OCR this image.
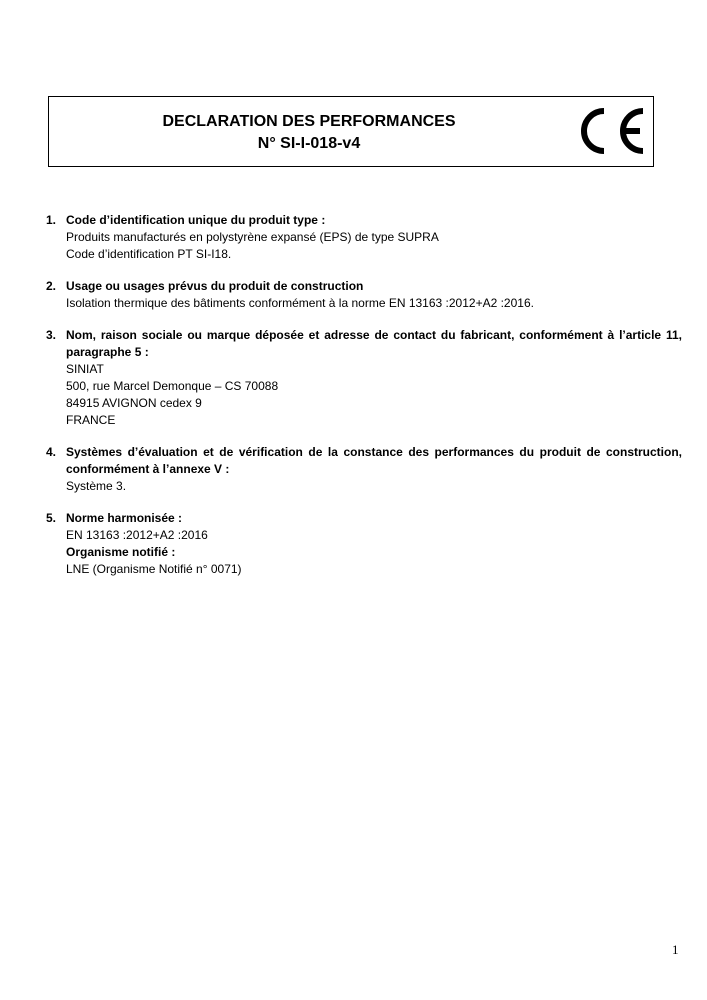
DECLARATION DES PERFORMANCES
N° SI-I-018-v4
1. Code d’identification unique du produit type :
Produits manufacturés en polystyrène expansé (EPS) de type SUPRA
Code d’identification PT SI-I18.
2. Usage ou usages prévus du produit de construction
Isolation thermique des bâtiments conformément à la norme EN 13163 :2012+A2 :2016.
3. Nom, raison sociale ou marque déposée et adresse de contact du fabricant, conformément à l’article 11, paragraphe 5 :
SINIAT
500, rue Marcel Demonque – CS 70088
84915 AVIGNON cedex 9
FRANCE
4. Systèmes d’évaluation et de vérification de la constance des performances du produit de construction, conformément à l’annexe V :
Système 3.
5. Norme harmonisée :
EN 13163 :2012+A2 :2016
Organisme notifié :
LNE (Organisme Notifié n° 0071)
1
